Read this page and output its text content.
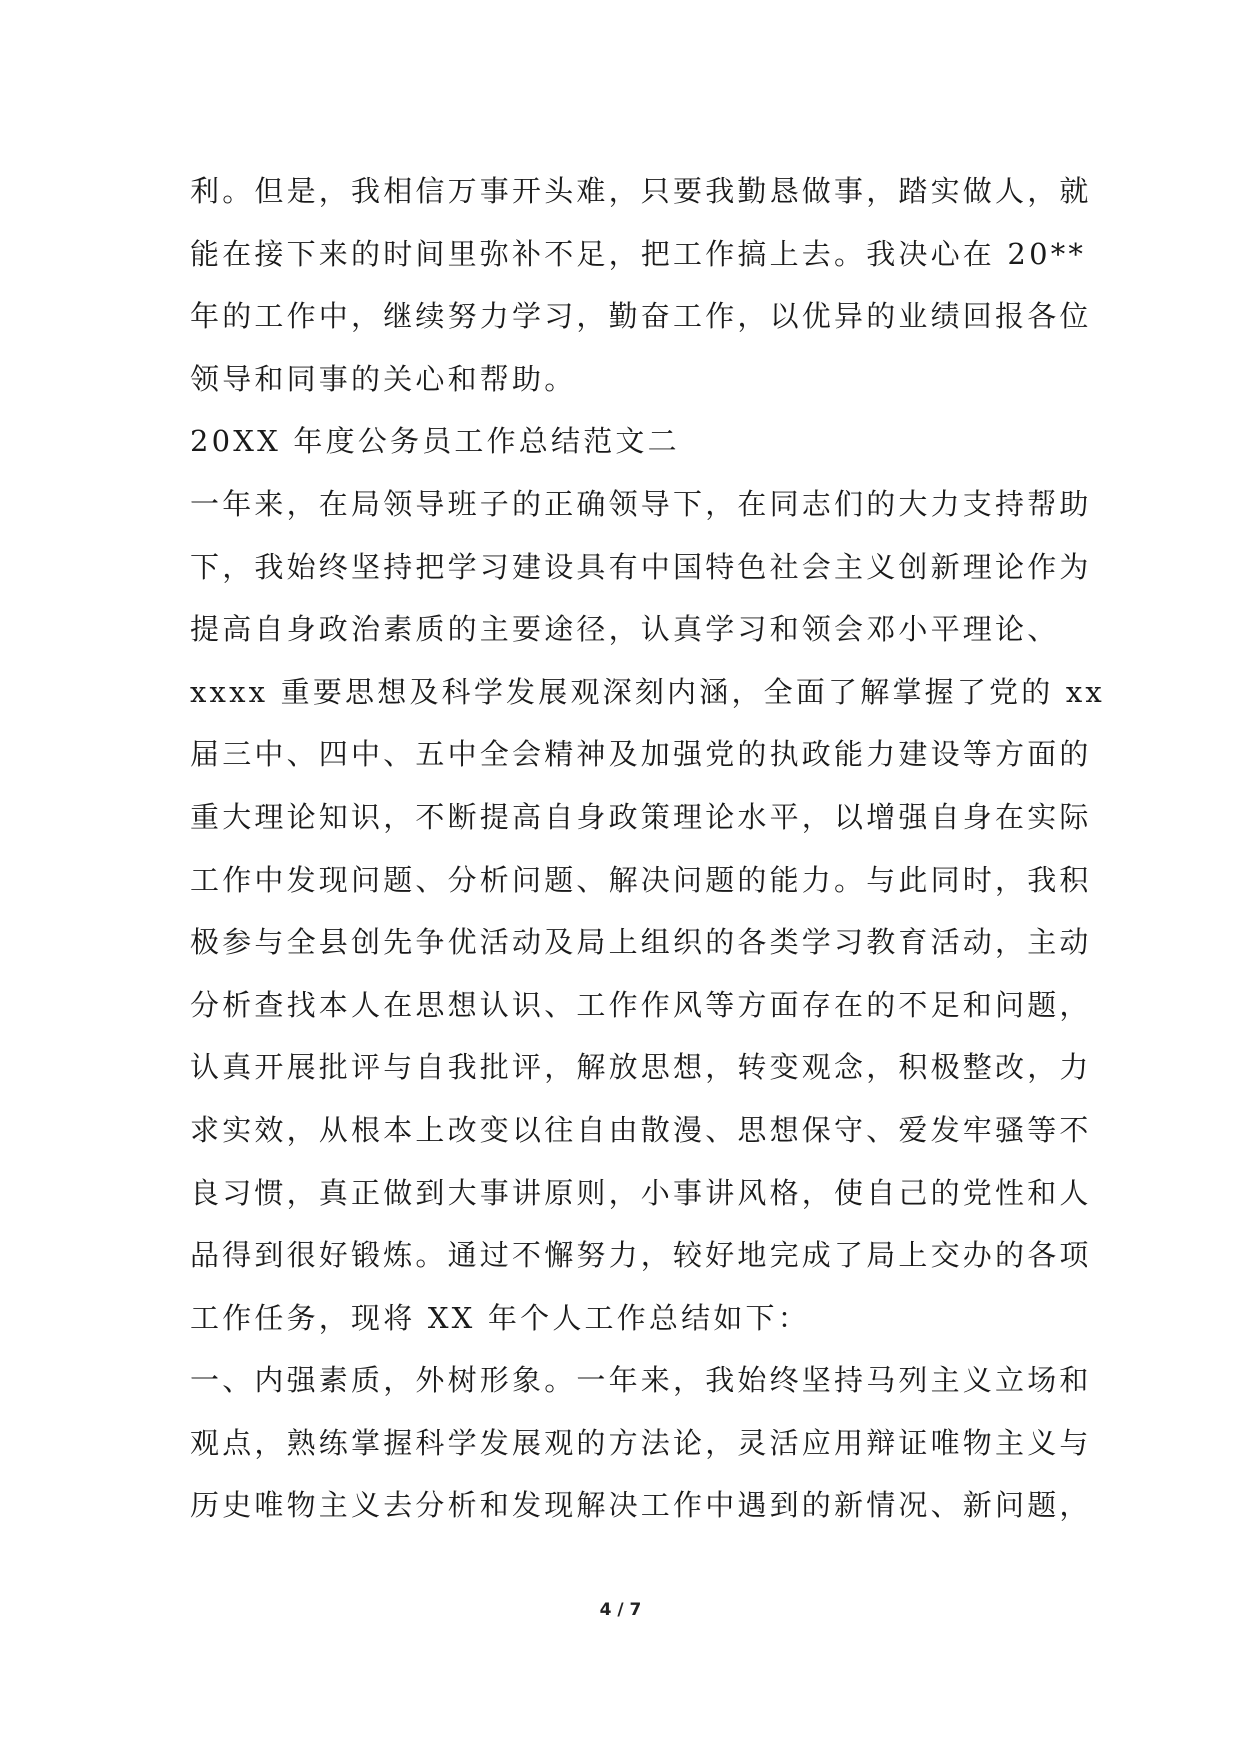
利。但是，我相信万事开头难，只要我勤恳做事，踏实做人，就
能在接下来的时间里弥补不足，把工作搞上去。我决心在 20**
年的工作中，继续努力学习，勤奋工作，以优异的业绩回报各位
领导和同事的关心和帮助。
20XX 年度公务员工作总结范文二
一年来，在局领导班子的正确领导下，在同志们的大力支持帮助
下，我始终坚持把学习建设具有中国特色社会主义创新理论作为
提高自身政治素质的主要途径，认真学习和领会邓小平理论、
xxxx 重要思想及科学发展观深刻内涵，全面了解掌握了党的 xx
届三中、四中、五中全会精神及加强党的执政能力建设等方面的
重大理论知识，不断提高自身政策理论水平，以增强自身在实际
工作中发现问题、分析问题、解决问题的能力。与此同时，我积
极参与全县创先争优活动及局上组织的各类学习教育活动，主动
分析查找本人在思想认识、工作作风等方面存在的不足和问题，
认真开展批评与自我批评，解放思想，转变观念，积极整改，力
求实效，从根本上改变以往自由散漫、思想保守、爱发牢骚等不
良习惯，真正做到大事讲原则，小事讲风格，使自己的党性和人
品得到很好锻炼。通过不懈努力，较好地完成了局上交办的各项
工作任务，现将 XX 年个人工作总结如下：
一、内强素质，外树形象。一年来，我始终坚持马列主义立场和
观点，熟练掌握科学发展观的方法论，灵活应用辩证唯物主义与
历史唯物主义去分析和发现解决工作中遇到的新情况、新问题，
4 / 7
